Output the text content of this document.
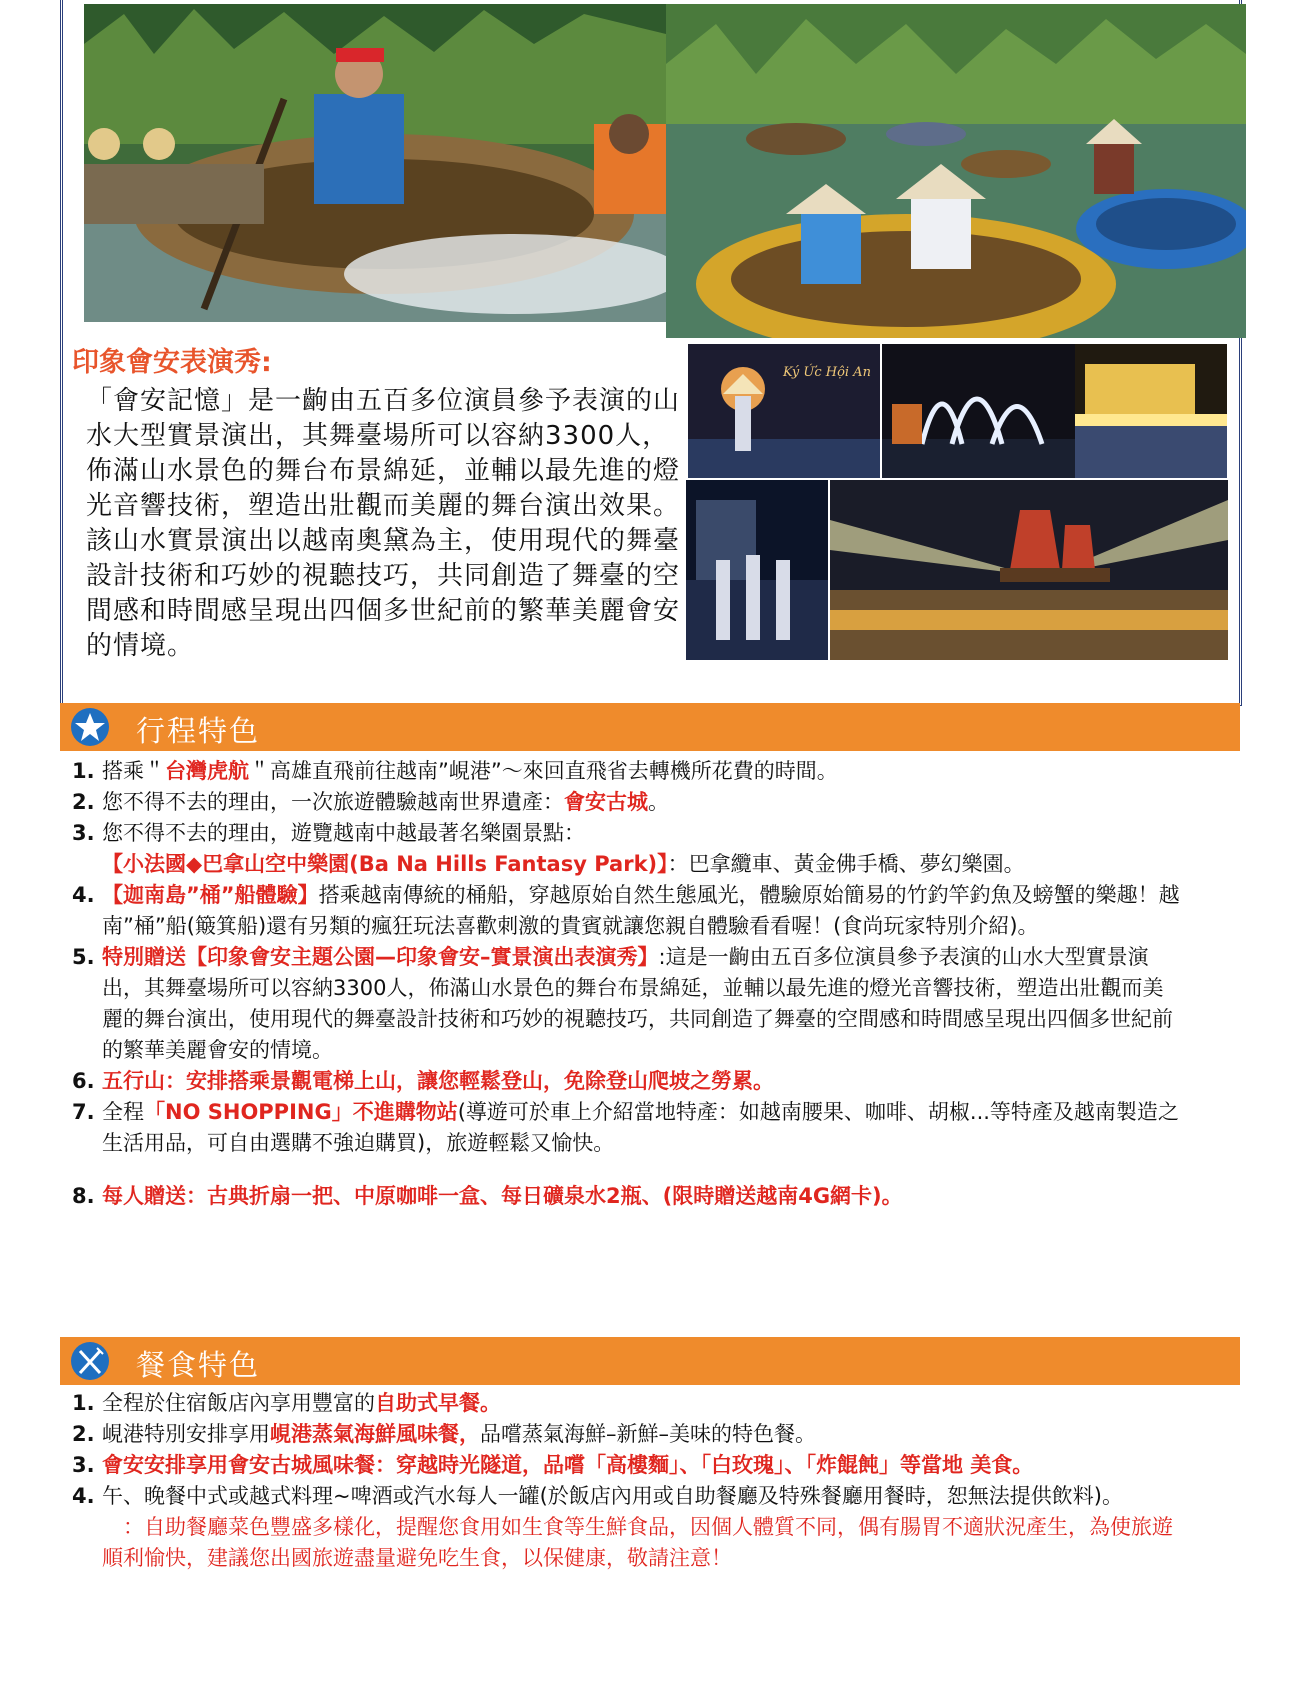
印象會安表演秀:
「會安記憶」是一齣由五百多位演員參予表演的山水大型實景演出，其舞臺場所可以容納3300人，佈滿山水景色的舞台布景綿延，並輔以最先進的燈光音響技術，塑造出壯觀而美麗的舞台演出效果。該山水實景演出以越南奧黛為主，使用現代的舞臺設計技術和巧妙的視聽技巧，共同創造了舞臺的空間感和時間感呈現出四個多世紀前的繁華美麗會安的情境。
Ký Ức Hội An
行程特色
1. 搭乘＂台灣虎航＂高雄直飛前往越南”峴港”～來回直飛省去轉機所花費的時間。
2. 您不得不去的理由，一次旅遊體驗越南世界遺產：會安古城。
3. 您不得不去的理由，遊覽越南中越最著名樂園景點：
【小法國◆巴拿山空中樂園(Ba Na Hills Fantasy Park)】：巴拿纜車、黃金佛手橋、夢幻樂園。
4. 【迦南島”桶”船體驗】搭乘越南傳統的桶船，穿越原始自然生態風光，體驗原始簡易的竹釣竿釣魚及螃蟹的樂趣！越南”桶”船(簸箕船)還有另類的瘋狂玩法喜歡刺激的貴賓就讓您親自體驗看看喔！(食尚玩家特別介紹)。
5. 特別贈送【印象會安主題公園—印象會安–實景演出表演秀】:這是一齣由五百多位演員參予表演的山水大型實景演出，其舞臺場所可以容納3300人，佈滿山水景色的舞台布景綿延，並輔以最先進的燈光音響技術，塑造出壯觀而美麗的舞台演出，使用現代的舞臺設計技術和巧妙的視聽技巧，共同創造了舞臺的空間感和時間感呈現出四個多世紀前的繁華美麗會安的情境。
6. 五行山：安排搭乘景觀電梯上山，讓您輕鬆登山，免除登山爬坡之勞累。
7. 全程「NO SHOPPING」不進購物站(導遊可於車上介紹當地特產：如越南腰果、咖啡、胡椒...等特產及越南製造之生活用品，可自由選購不強迫購買)，旅遊輕鬆又愉快。
8. 每人贈送：古典折扇一把、中原咖啡一盒、每日礦泉水2瓶、(限時贈送越南4G網卡)。
餐食特色
1. 全程於住宿飯店內享用豐富的自助式早餐。
2. 峴港特別安排享用峴港蒸氣海鮮風味餐，品嚐蒸氣海鮮–新鮮–美味的特色餐。
3. 會安安排享用會安古城風味餐：穿越時光隧道，品嚐「高樓麵」、「白玫瑰」、「炸餛飩」等當地 美食。
4. 午、晚餐中式或越式料理~啤酒或汽水每人一罐(於飯店內用或自助餐廳及特殊餐廳用餐時，恕無法提供飲料)。
　：自助餐廳菜色豐盛多樣化，提醒您食用如生食等生鮮食品，因個人體質不同，偶有腸胃不適狀況產生，為使旅遊順利愉快，建議您出國旅遊盡量避免吃生食，以保健康，敬請注意！
